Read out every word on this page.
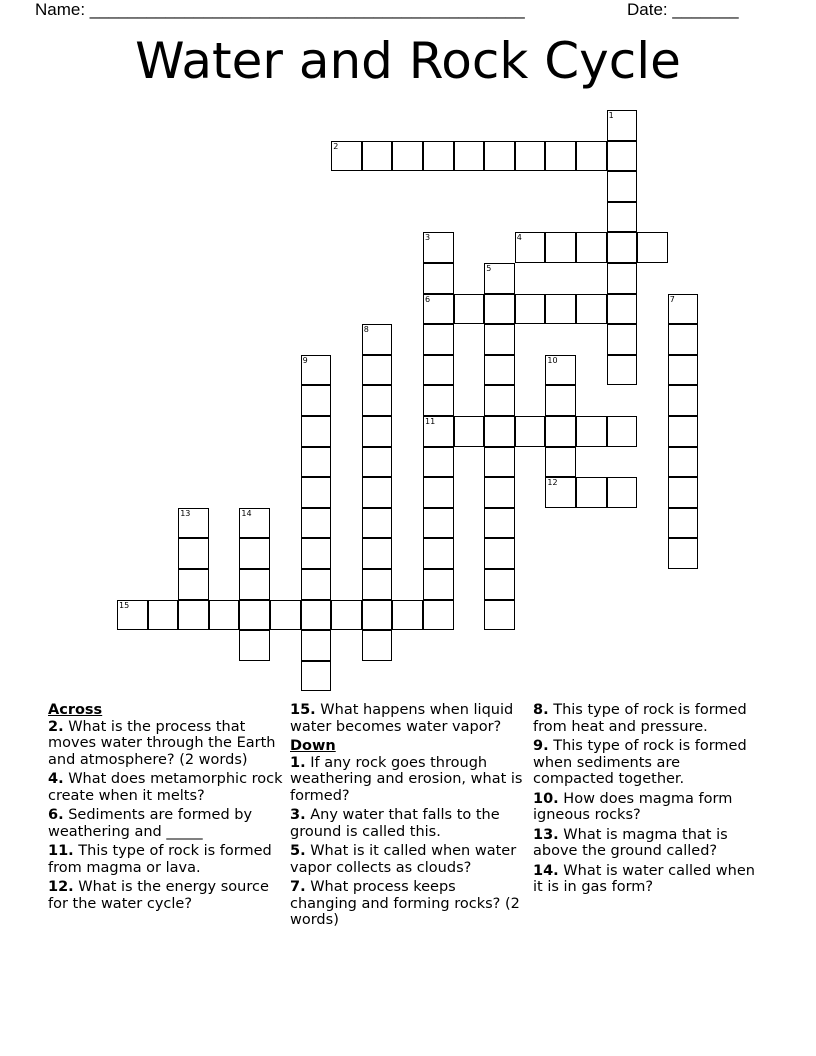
Name: ______________________________________________	Date: _______
Water and Rock Cycle
1
2
3
6
11
4
5
7
8
9	10
12
13	14
15
Across
2. What is the process that moves water through the Earth and atmosphere? (2 words)
4. What does metamorphic rock create when it melts?
6. Sediments are formed by weathering and _____
11. This type of rock is formed from magma or lava.
12. What is the energy source for the water cycle?
15. What happens when liquid water becomes water vapor?
Down
1. If any rock goes through weathering and erosion, what is formed?
3. Any water that falls to the ground is called this.
5. What is it called when water vapor collects as clouds?
7. What process keeps changing and forming rocks? (2 words)
8. This type of rock is formed from heat and pressure.
9. This type of rock is formed when sediments are compacted together.
10. How does magma form igneous rocks?
13. What is magma that is above the ground called?
14. What is water called when it is in gas form?
